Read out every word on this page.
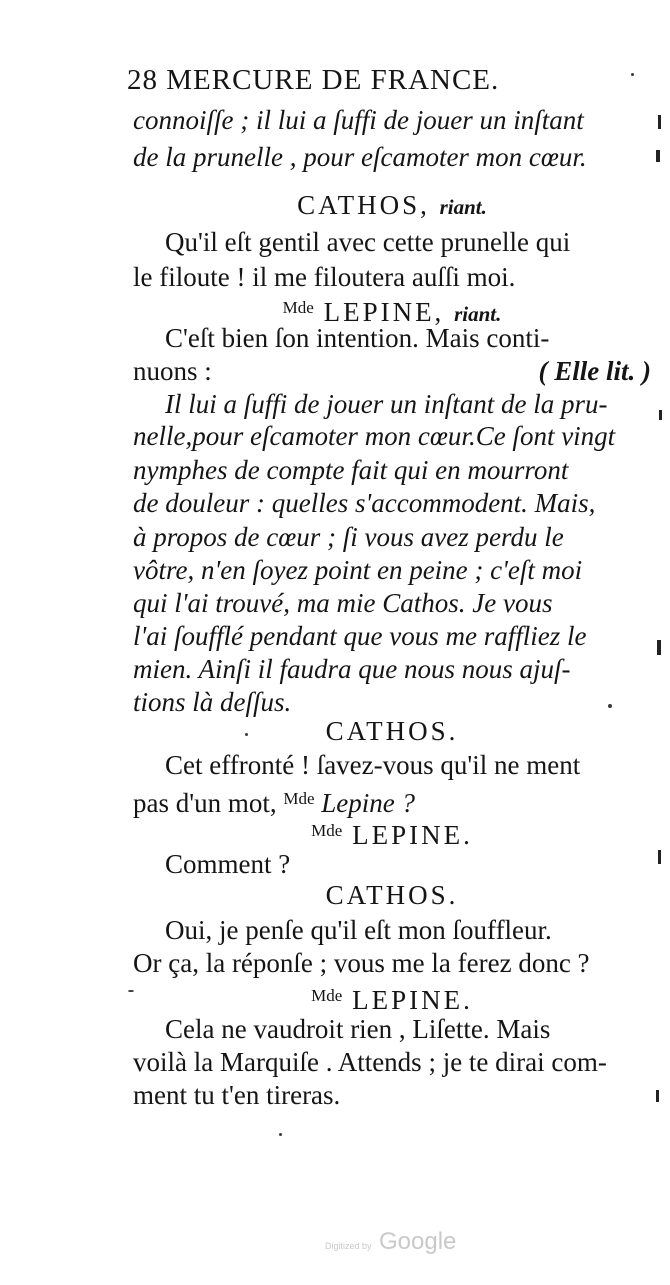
28 MERCURE DE FRANCE.
connoiſſe ; il lui a ſuffi de jouer un inſtant
de la prunelle , pour eſcamoter mon cœur.
CATHOS, riant.
Qu'il eſt gentil avec cette prunelle qui
le filoute ! il me filoutera auſſi moi.
$^{Mde}$ LEPINE, riant.
C'eſt bien ſon intention. Mais conti-
nuons :	( Elle lit. )
Il lui a ſuffi de jouer un inſtant de la pru-
nelle,pour eſcamoter mon cœur.Ce ſont vingt
nymphes de compte fait qui en mourront
de douleur : quelles s'accommodent. Mais,
à propos de cœur ; ſi vous avez perdu le
vôtre, n'en ſoyez point en peine ; c'eſt moi
qui l'ai trouvé, ma mie Cathos. Je vous
l'ai ſoufflé pendant que vous me raffliez le
mien. Ainſi il faudra que nous nous ajuſ-
tions là deſſus.
CATHOS.
Cet effronté ! ſavez-vous qu'il ne ment
pas d'un mot, $^{Mde}$ Lepine ?
$^{Mde}$ LEPINE.
Comment ?
CATHOS.
Oui, je penſe qu'il eſt mon ſouffleur.
Or ça, la réponſe ; vous me la ferez donc ?
$^{Mde}$ LEPINE.
Cela ne vaudroit rien , Liſette. Mais
voilà la Marquiſe . Attends ; je te dirai com-
ment tu t'en tireras.
Digitized by Google
